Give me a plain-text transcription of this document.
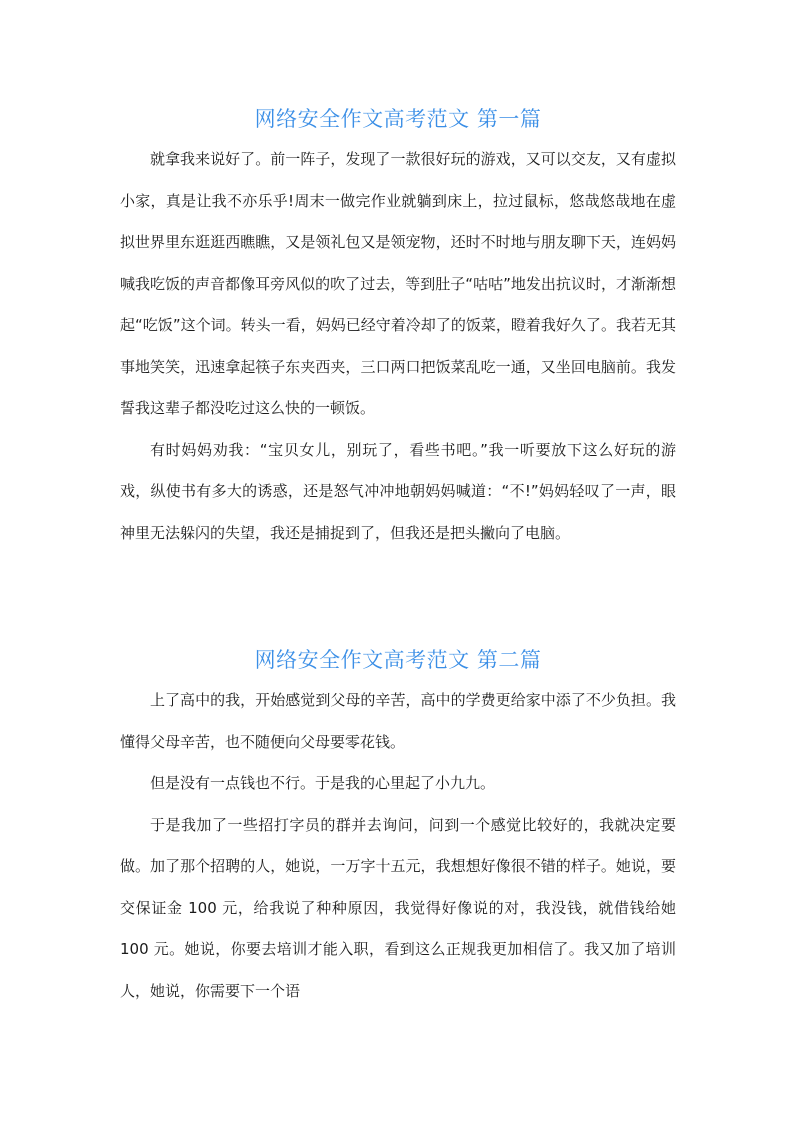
网络安全作文高考范文 第一篇

就拿我来说好了。前一阵子，发现了一款很好玩的游戏，又可以交友，又有虚拟小家，真是让我不亦乐乎!周末一做完作业就躺到床上，拉过鼠标，悠哉悠哉地在虚拟世界里东逛逛西瞧瞧，又是领礼包又是领宠物，还时不时地与朋友聊下天，连妈妈喊我吃饭的声音都像耳旁风似的吹了过去，等到肚子“咕咕”地发出抗议时，才渐渐想起“吃饭”这个词。转头一看，妈妈已经守着冷却了的饭菜，瞪着我好久了。我若无其事地笑笑，迅速拿起筷子东夹西夹，三口两口把饭菜乱吃一通，又坐回电脑前。我发誓我这辈子都没吃过这么快的一顿饭。

有时妈妈劝我：“宝贝女儿，别玩了，看些书吧。”我一听要放下这么好玩的游戏，纵使书有多大的诱惑，还是怒气冲冲地朝妈妈喊道：“不!”妈妈轻叹了一声，眼神里无法躲闪的失望，我还是捕捉到了，但我还是把头撇向了电脑。

网络安全作文高考范文 第二篇

上了高中的我，开始感觉到父母的辛苦，高中的学费更给家中添了不少负担。我懂得父母辛苦，也不随便向父母要零花钱。

但是没有一点钱也不行。于是我的心里起了小九九。

于是我加了一些招打字员的群并去询问，问到一个感觉比较好的，我就决定要做。加了那个招聘的人，她说，一万字十五元，我想想好像很不错的样子。她说，要交保证金 100 元，给我说了种种原因，我觉得好像说的对，我没钱，就借钱给她 100 元。她说，你要去培训才能入职，看到这么正规我更加相信了。我又加了培训人，她说，你需要下一个语
